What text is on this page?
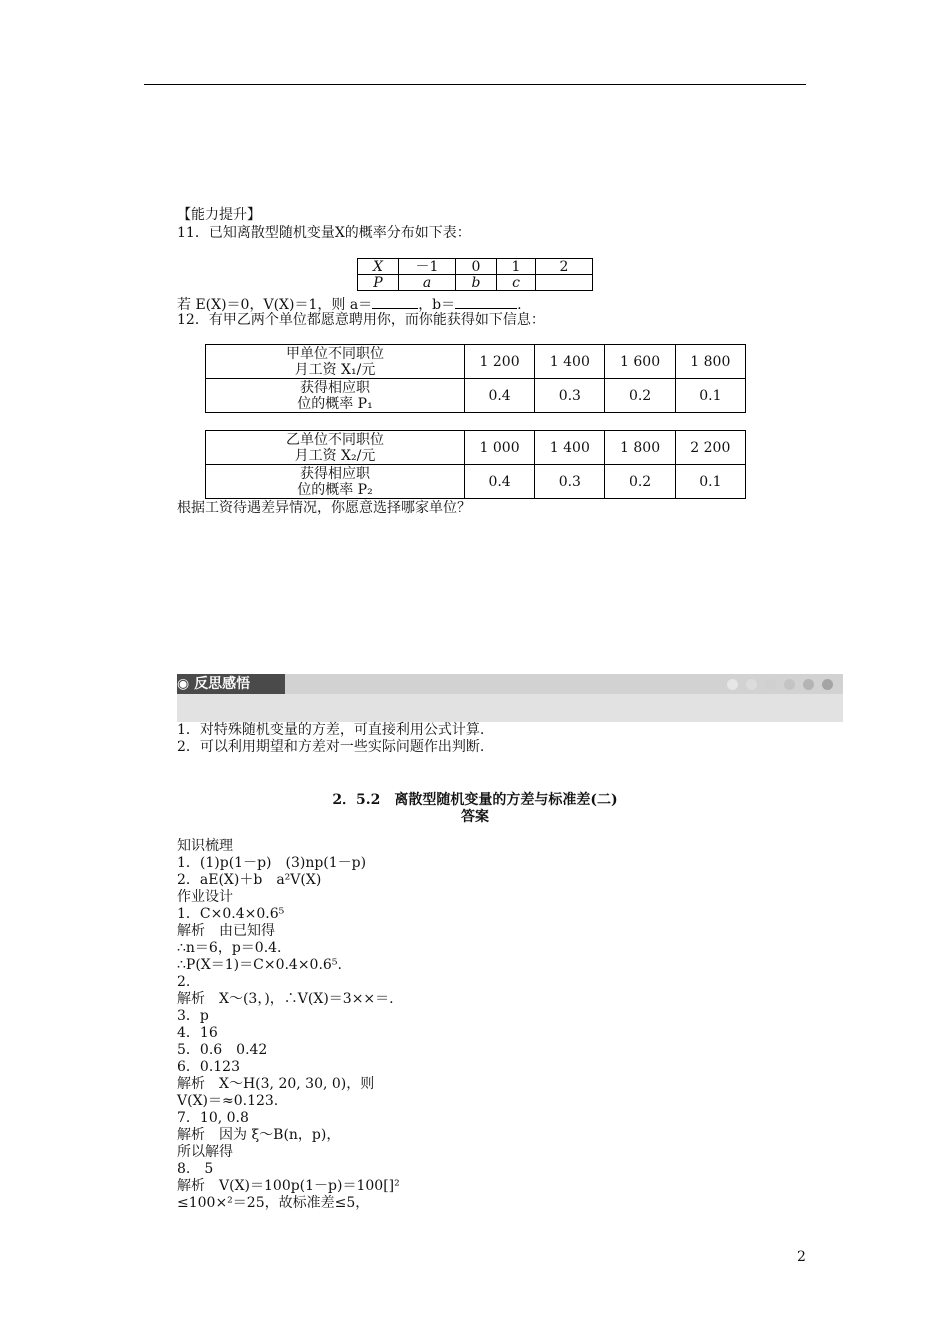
【能力提升】
11．已知离散型随机变量X的概率分布如下表：
X	－1	0	1	2
P	a	b	c	
若 E(X)＝0，V(X)＝1，则 a＝	，b＝	.
12．有甲乙两个单位都愿意聘用你，而你能获得如下信息：
甲单位不同职位
月工资 X₁/元	1 200	1 400	1 600	1 800

获得相应职
位的概率 P₁	0.4	0.3	0.2	0.1
乙单位不同职位
月工资 X₂/元	1 000	1 400	1 800	2 200

获得相应职
位的概率 P₂	0.4	0.3	0.2	0.1
根据工资待遇差异情况，你愿意选择哪家单位？
◉ 反思感悟
1．对特殊随机变量的方差，可直接利用公式计算.
2．可以利用期望和方差对一些实际问题作出判断.
2．5.2　离散型随机变量的方差与标准差(二)
答案
知识梳理
1．(1)p(1－p)　(3)np(1－p)
2．aE(X)＋b　a²V(X)
作业设计
1．C×0.4×0.6⁵
解析　由已知得
∴n＝6，p＝0.4.
∴P(X＝1)＝C×0.4×0.6⁵.
2.
解析　X～(3，)，∴V(X)＝3××＝.
3．p
4．16
5．0.6　0.42
6．0.123
解析　X～H(3, 20, 30, 0)，则
V(X)＝≈0.123.
7．10, 0.8
解析　因为 ξ～B(n，p)，
所以解得
8.　5
解析　V(X)＝100p(1－p)＝100[]²
≤100×²＝25，故标准差≤5，
2
